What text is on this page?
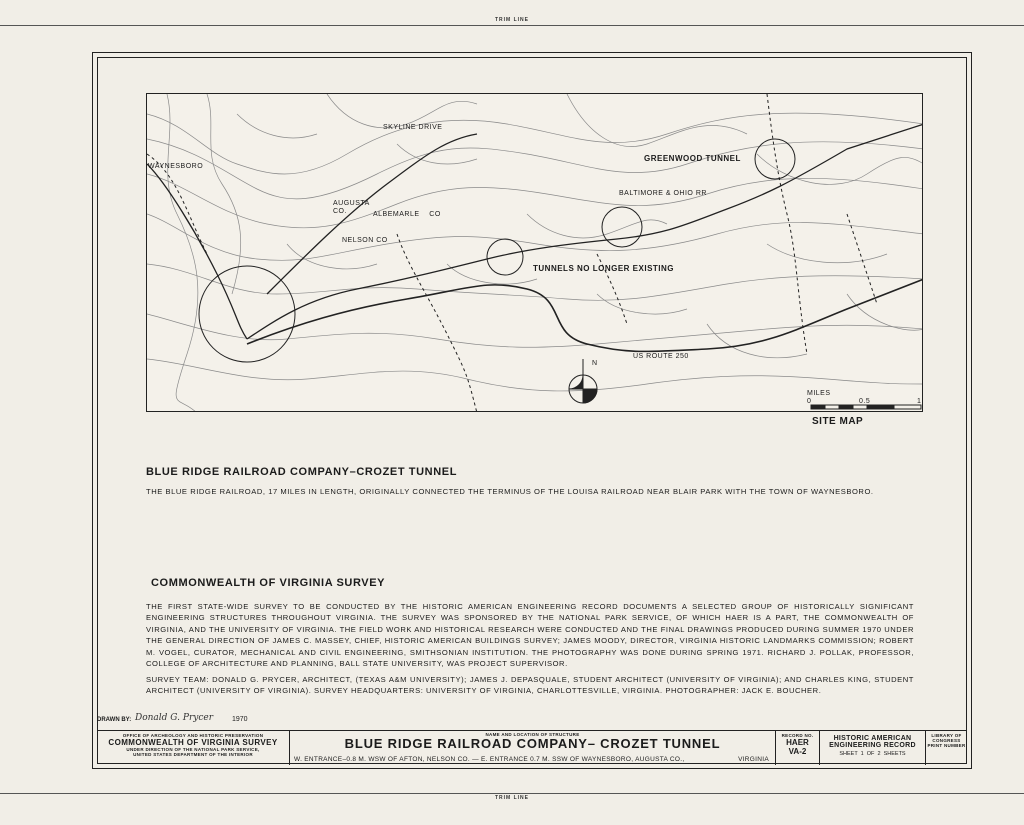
TRIM LINE
TRIM LINE
SKYLINE DRIVE
WAYNESBORO
GREENWOOD TUNNEL
BALTIMORE & OHIO RR
AUGUSTA
CO.	ALBEMARLE    CO
NELSON CO
TUNNELS NO LONGER EXISTING
US ROUTE 250
N
MILES
0	0.5	1
SITE MAP
BLUE RIDGE RAILROAD COMPANY–CROZET TUNNEL

THE BLUE RIDGE RAILROAD, 17 MILES IN LENGTH, ORIGINALLY CONNECTED THE TERMINUS OF THE LOUISA RAILROAD NEAR BLAIR PARK WITH THE TOWN OF WAYNESBORO.

COMMONWEALTH OF VIRGINIA SURVEY

THE FIRST STATE-WIDE SURVEY TO BE CONDUCTED BY THE HISTORIC AMERICAN ENGINEERING RECORD DOCUMENTS A SELECTED GROUP OF HISTORICALLY SIGNIFICANT ENGINEERING STRUCTURES THROUGHOUT VIRGINIA. THE SURVEY WAS SPONSORED BY THE NATIONAL PARK SERVICE, OF WHICH HAER IS A PART, THE COMMONWEALTH OF VIRGINIA, AND THE UNIVERSITY OF VIRGINIA. THE FIELD WORK AND HISTORICAL RESEARCH WERE CONDUCTED AND THE FINAL DRAWINGS PRODUCED DURING SUMMER 1970 UNDER THE GENERAL DIRECTION OF JAMES C. MASSEY, CHIEF, HISTORIC AMERICAN BUILDINGS SURVEY; JAMES MOODY, DIRECTOR, VIRGINIA HISTORIC LANDMARKS COMMISSION; ROBERT M. VOGEL, CURATOR, MECHANICAL AND CIVIL ENGINEERING, SMITHSONIAN INSTITUTION. THE PHOTOGRAPHY WAS DONE DURING SPRING 1971. RICHARD J. POLLAK, PROFESSOR, COLLEGE OF ARCHITECTURE AND PLANNING, BALL STATE UNIVERSITY, WAS PROJECT SUPERVISOR.

SURVEY TEAM: DONALD G. PRYCER, ARCHITECT, (TEXAS A&M UNIVERSITY); JAMES J. DEPASQUALE, STUDENT ARCHITECT (UNIVERSITY OF VIRGINIA); AND CHARLES KING, STUDENT ARCHITECT (UNIVERSITY OF VIRGINIA). SURVEY HEADQUARTERS: UNIVERSITY OF VIRGINIA, CHARLOTTESVILLE, VIRGINIA. PHOTOGRAPHER: JACK E. BOUCHER.

DRAWN BY: Donald G. Prycer	1970
OFFICE OF ARCHEOLOGY AND HISTORIC PRESERVATION
COMMONWEALTH OF VIRGINIA SURVEY
UNDER DIRECTION OF THE NATIONAL PARK SERVICE,
UNITED STATES DEPARTMENT OF THE INTERIOR
NAME AND LOCATION OF STRUCTURE
BLUE RIDGE RAILROAD COMPANY– CROZET TUNNEL
W. ENTRANCE–0.8 M. WSW OF AFTON, NELSON CO. — E. ENTRANCE 0.7 M. SSW OF WAYNESBORO, AUGUSTA CO.,	VIRGINIA
RECORD NO.
HAER
VA-2
HISTORIC AMERICAN
ENGINEERING RECORD
SHEET  1  OF  2  SHEETS
LIBRARY OF CONGRESS
PRINT NUMBER
